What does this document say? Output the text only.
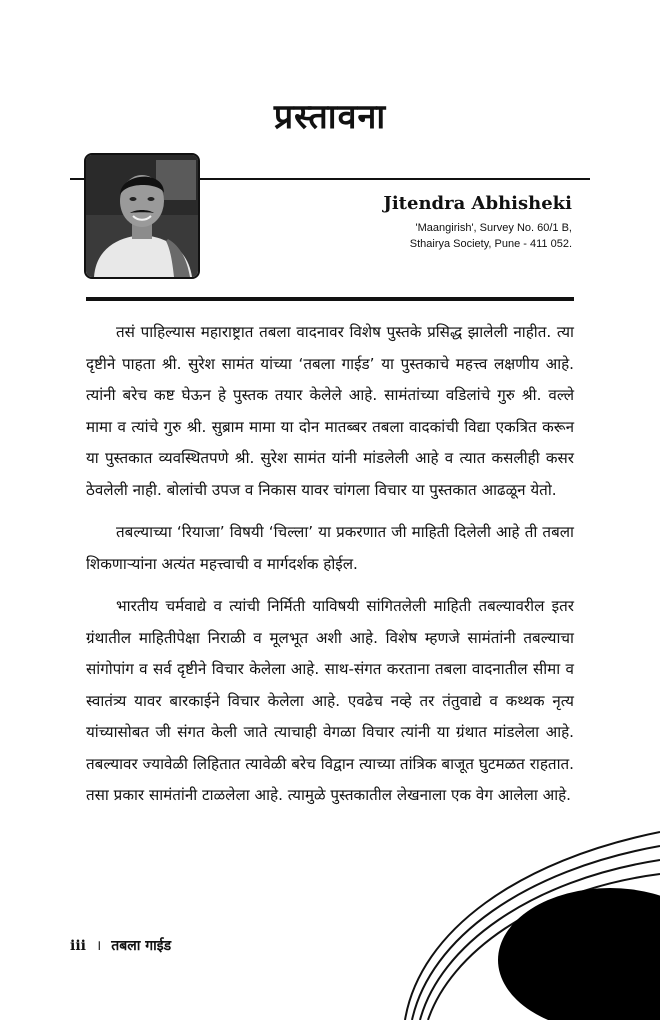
प्रस्तावना
Jitendra Abhisheki
'Maangirish', Survey No. 60/1 B,
Sthairya Society, Pune - 411 052.

तसं पाहिल्यास महाराष्ट्रात तबला वादनावर विशेष पुस्तके प्रसिद्ध झालेली नाहीत. त्या दृष्टीने पाहता श्री. सुरेश सामंत यांच्या ‘तबला गाईड’ या पुस्तकाचे महत्त्व लक्षणीय आहे. त्यांनी बरेच कष्ट घेऊन हे पुस्तक तयार केलेले आहे. सामंतांच्या वडिलांचे गुरु श्री. वल्ले मामा व त्यांचे गुरु श्री. सुब्राम मामा या दोन मातब्बर तबला वादकांची विद्या एकत्रित करून या पुस्तकात व्यवस्थितपणे श्री. सुरेश सामंत यांनी मांडलेली आहे व त्यात कसलीही कसर ठेवलेली नाही. बोलांची उपज व निकास यावर चांगला विचार या पुस्तकात आढळून येतो.

तबल्याच्या ‘रियाजा’ विषयी ‘चिल्ला’ या प्रकरणात जी माहिती दिलेली आहे ती तबला शिकणाऱ्यांना अत्यंत महत्त्वाची व मार्गदर्शक होईल.

भारतीय चर्मवाद्ये व त्यांची निर्मिती याविषयी सांगितलेली माहिती तबल्यावरील इतर ग्रंथातील माहितीपेक्षा निराळी व मूलभूत अशी आहे. विशेष म्हणजे सामंतांनी तबल्याचा सांगोपांग व सर्व दृष्टीने विचार केलेला आहे. साथ-संगत करताना तबला वादनातील सीमा व स्वातंत्र्य यावर बारकाईने विचार केलेला आहे. एवढेच नव्हे तर तंतुवाद्ये व कथ्थक नृत्य यांच्यासोबत जी संगत केली जाते त्याचाही वेगळा विचार त्यांनी या ग्रंथात मांडलेला आहे. तबल्यावर ज्यावेळी लिहितात त्यावेळी बरेच विद्वान त्याच्या तांत्रिक बाजूत घुटमळत राहतात. तसा प्रकार सामंतांनी टाळलेला आहे. त्यामुळे पुस्तकातील लेखनाला एक वेग आलेला आहे.

iii । तबला गाईड
